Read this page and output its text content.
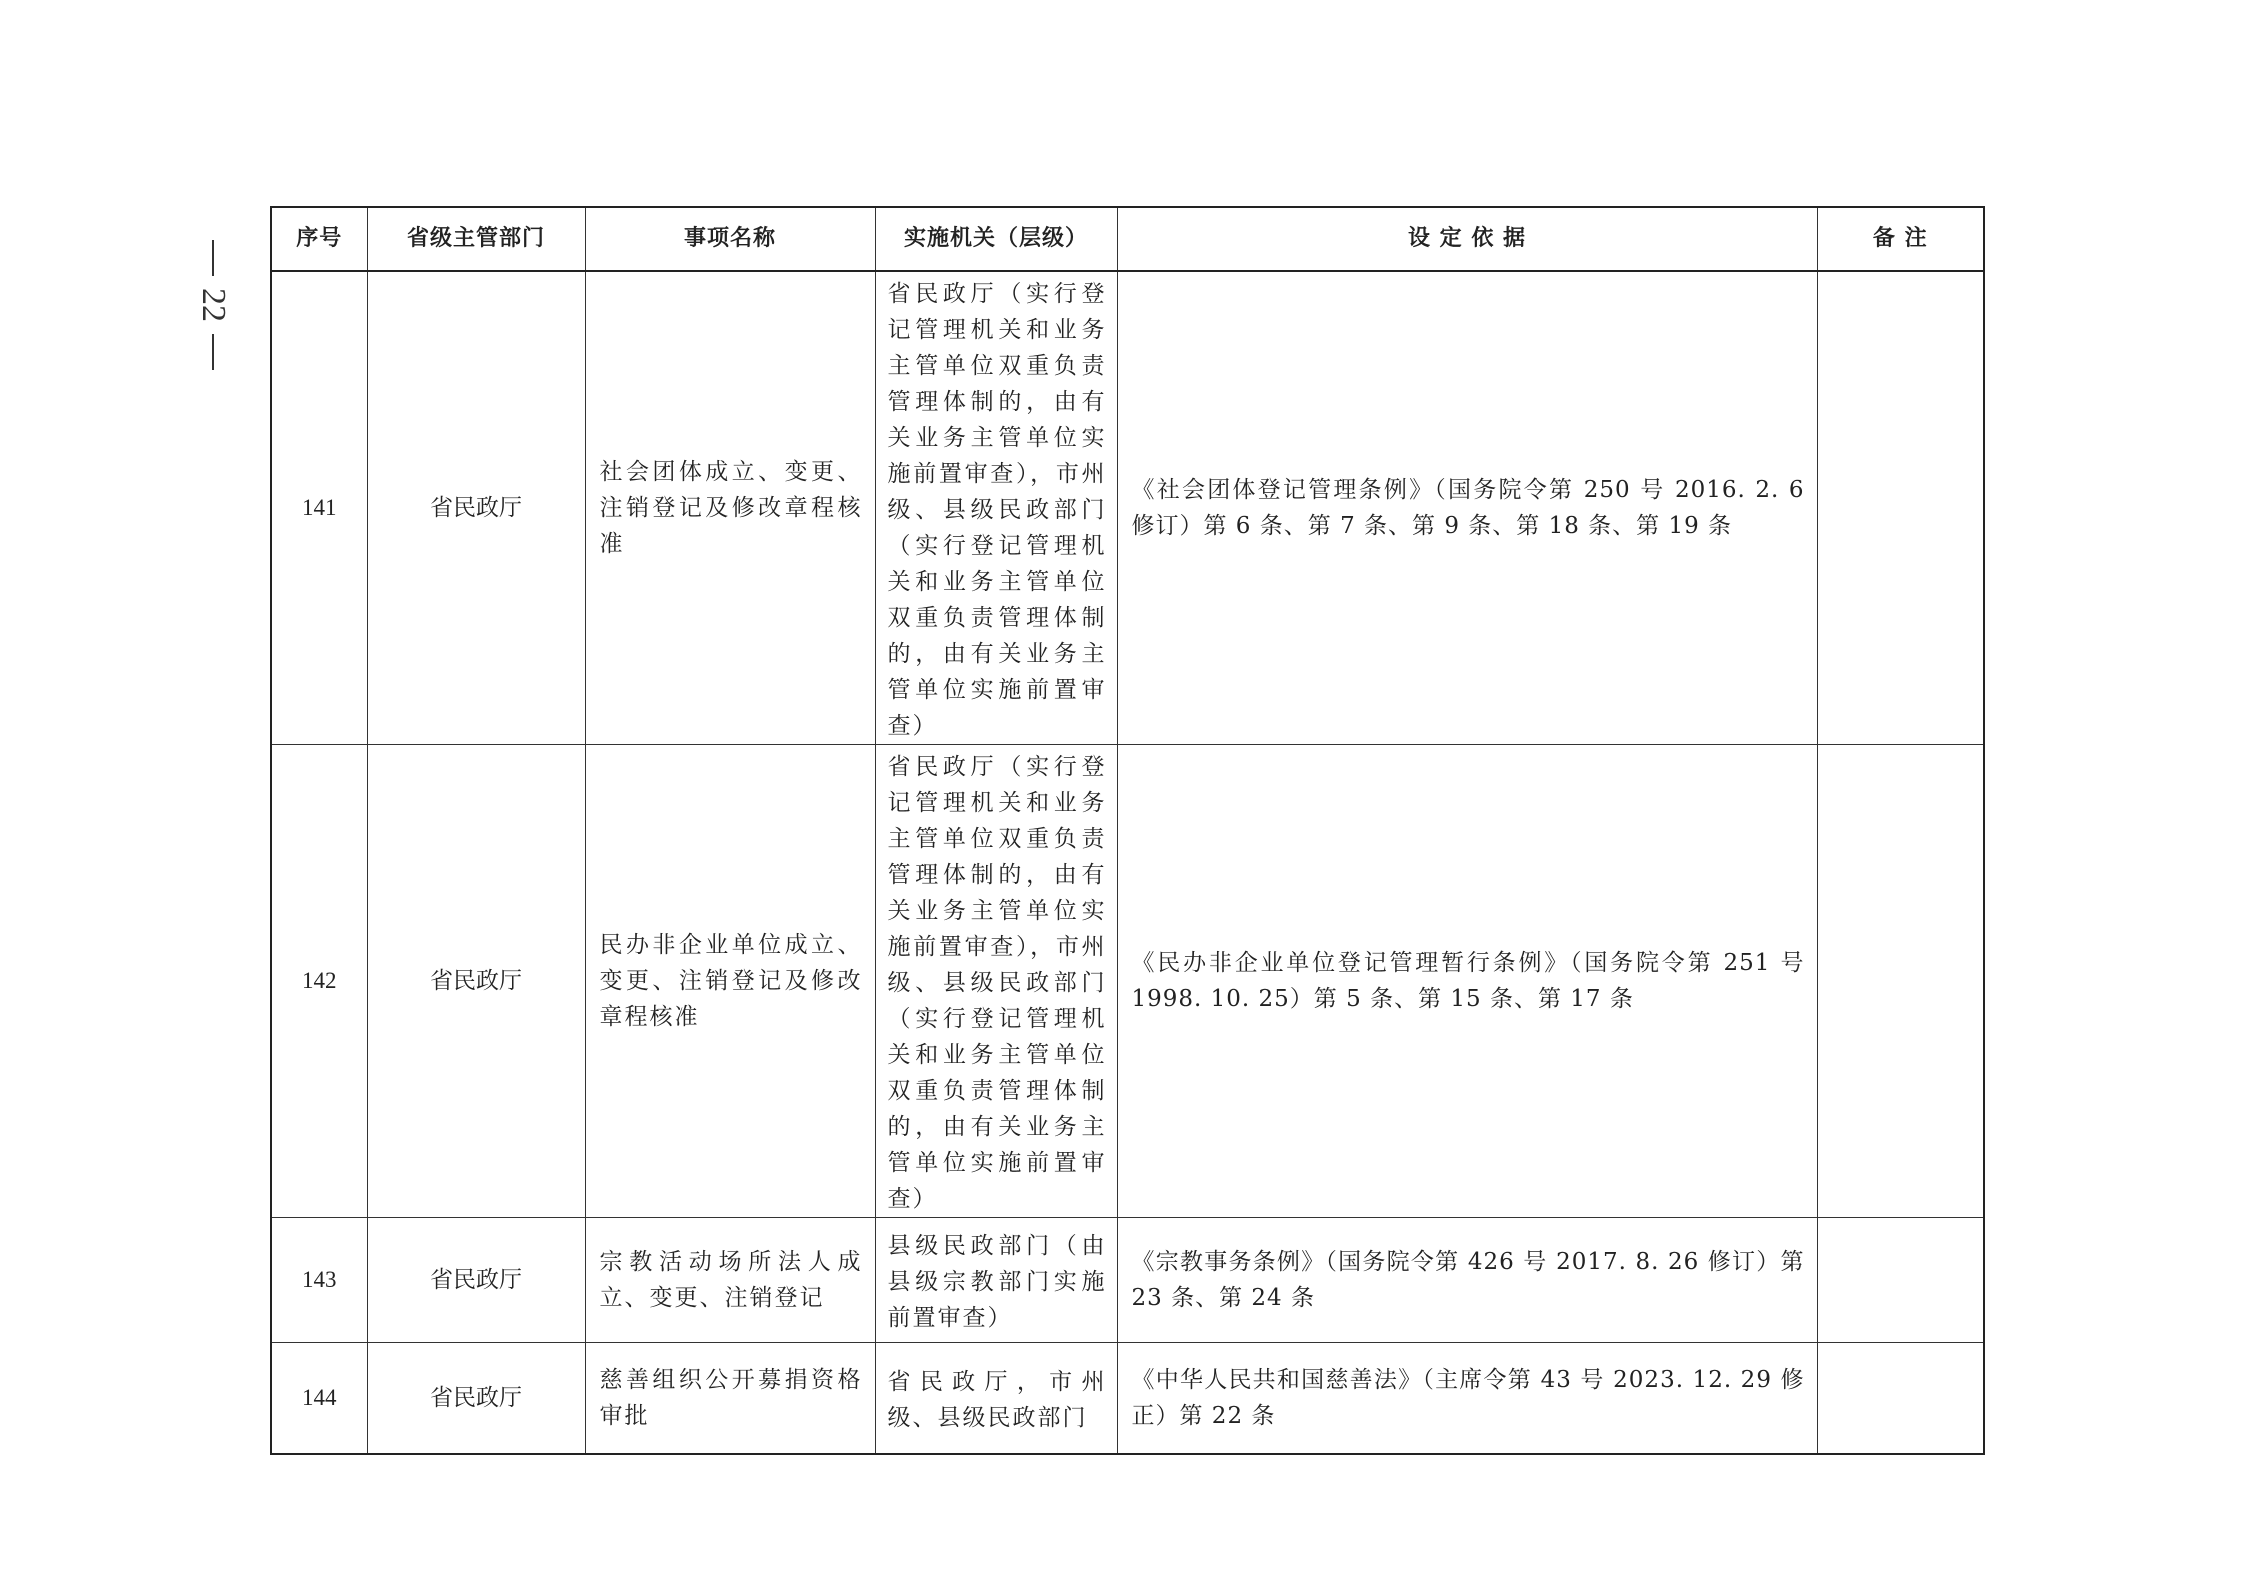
22
序号	省级主管部门	事项名称	实施机关（层级）	设 定 依 据	备 注
141	省民政厅	社会团体成立、变更、注销登记及修改章程核准	省民政厅（实行登记管理机关和业务主管单位双重负责管理体制的，由有关业务主管单位实施前置审查），市州级、县级民政部门（实行登记管理机关和业务主管单位双重负责管理体制的，由有关业务主管单位实施前置审查）	《社会团体登记管理条例》（国务院令第 250 号 2016. 2. 6 修订）第 6 条、第 7 条、第 9 条、第 18 条、第 19 条	
142	省民政厅	民办非企业单位成立、变更、注销登记及修改章程核准	省民政厅（实行登记管理机关和业务主管单位双重负责管理体制的，由有关业务主管单位实施前置审查），市州级、县级民政部门（实行登记管理机关和业务主管单位双重负责管理体制的，由有关业务主管单位实施前置审查）	《民办非企业单位登记管理暂行条例》（国务院令第 251 号 1998. 10. 25）第 5 条、第 15 条、第 17 条	
143	省民政厅	宗教活动场所法人成立、变更、注销登记	县级民政部门（由县级宗教部门实施前置审查）	《宗教事务条例》（国务院令第 426 号 2017. 8. 26 修订）第 23 条、第 24 条	
144	省民政厅	慈善组织公开募捐资格审批	省民政厅，市州级、县级民政部门	《中华人民共和国慈善法》（主席令第 43 号 2023. 12. 29 修正）第 22 条	
